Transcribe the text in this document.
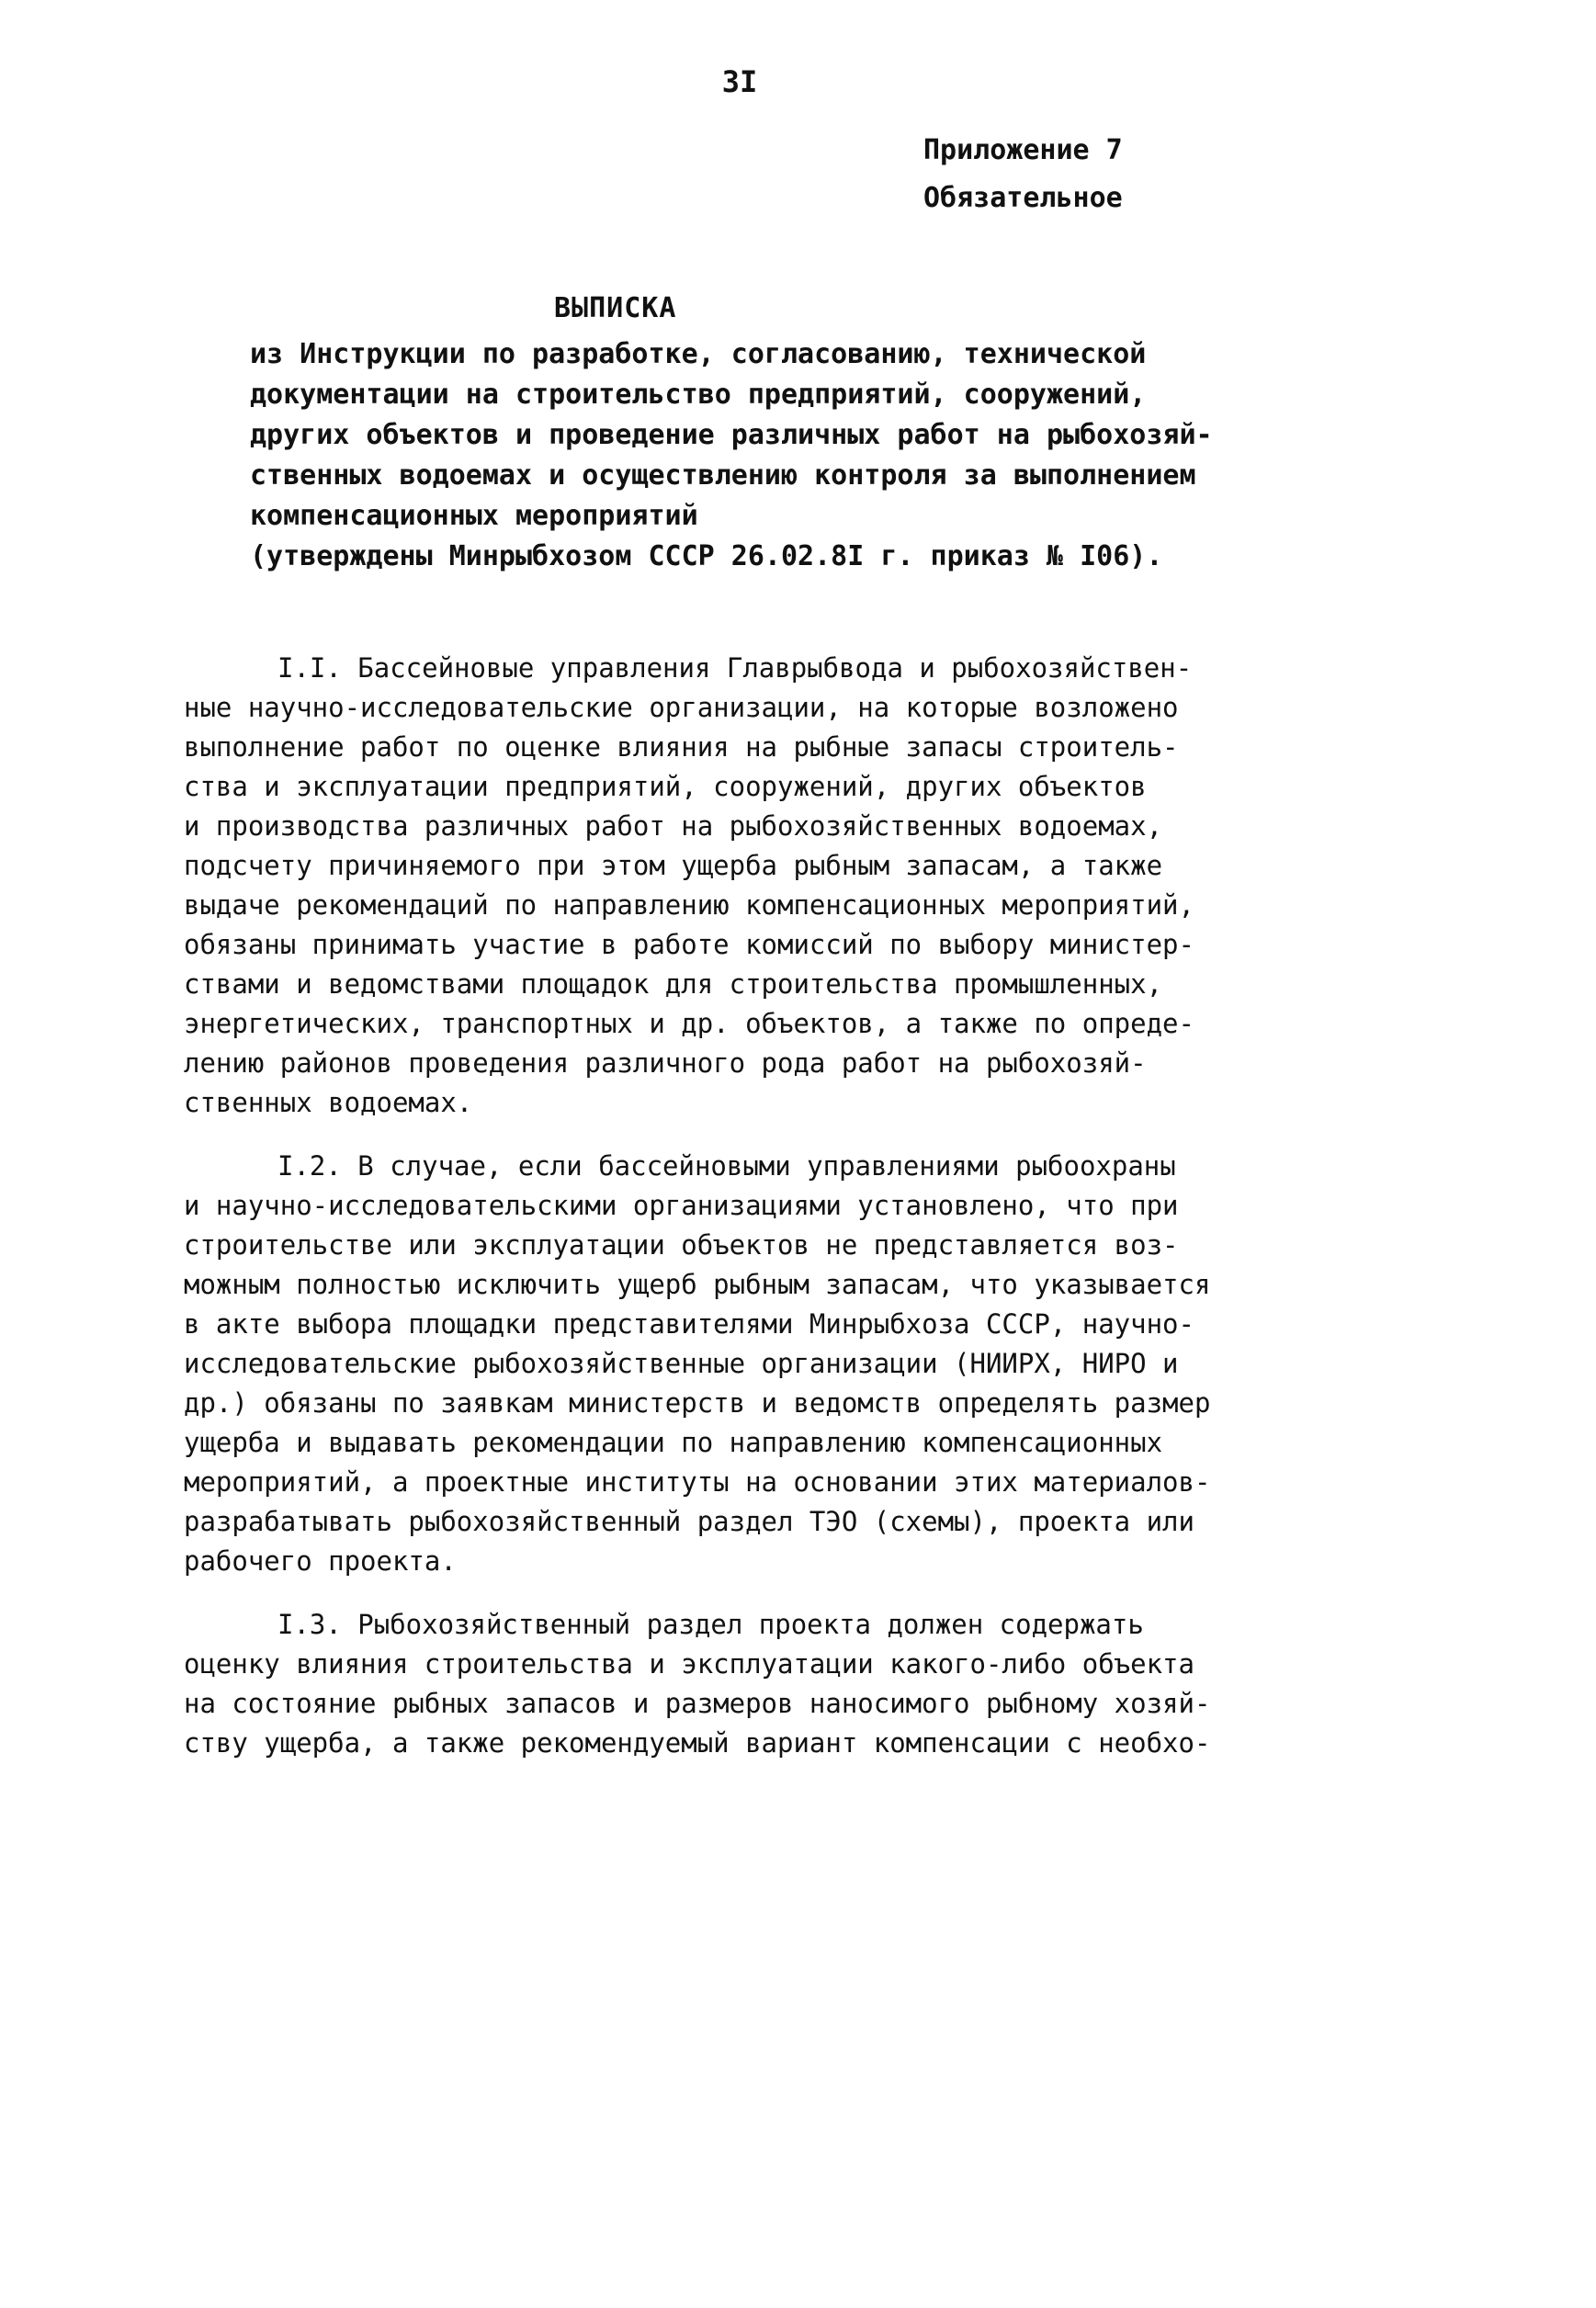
3I
Приложение 7
Обязательное
ВЫПИСКА
из Инструкции по разработке, согласованию, технической
документации на строительство предприятий, сооружений,
других объектов и проведение различных работ на рыбохозяй-
ственных водоемах и осуществлению контроля за выполнением
компенсационных мероприятий
(утверждены Минрыбхозом СССР 26.02.8I г. приказ № I06).
I.I. Бассейновые управления Главрыбвода и рыбохозяйствен-
ные научно-исследовательские организации, на которые возложено
выполнение работ по оценке влияния на рыбные запасы строитель-
ства и эксплуатации предприятий, сооружений, других объектов
и производства различных работ на рыбохозяйственных водоемах,
подсчету причиняемого при этом ущерба рыбным запасам, а также
выдаче рекомендаций по направлению компенсационных мероприятий,
обязаны принимать участие в работе комиссий по выбору министер-
ствами и ведомствами площадок для строительства промышленных,
энергетических, транспортных и др. объектов, а также по опреде-
лению районов проведения различного рода работ на рыбохозяй-
ственных водоемах.
I.2. В случае, если бассейновыми управлениями рыбоохраны
и научно-исследовательскими организациями установлено, что при
строительстве или эксплуатации объектов не представляется воз-
можным полностью исключить ущерб рыбным запасам, что указывается
в акте выбора площадки представителями Минрыбхоза СССР, научно-
исследовательские рыбохозяйственные организации (НИИРХ, НИРО и
др.) обязаны по заявкам министерств и ведомств определять размер
ущерба и выдавать рекомендации по направлению компенсационных
мероприятий, а проектные институты на основании этих материалов-
разрабатывать рыбохозяйственный раздел ТЭО (схемы), проекта или
рабочего проекта.
I.3. Рыбохозяйственный раздел проекта должен содержать
оценку влияния строительства и эксплуатации какого-либо объекта
на состояние рыбных запасов и размеров наносимого рыбному хозяй-
ству ущерба, а также рекомендуемый вариант компенсации с необхо-
